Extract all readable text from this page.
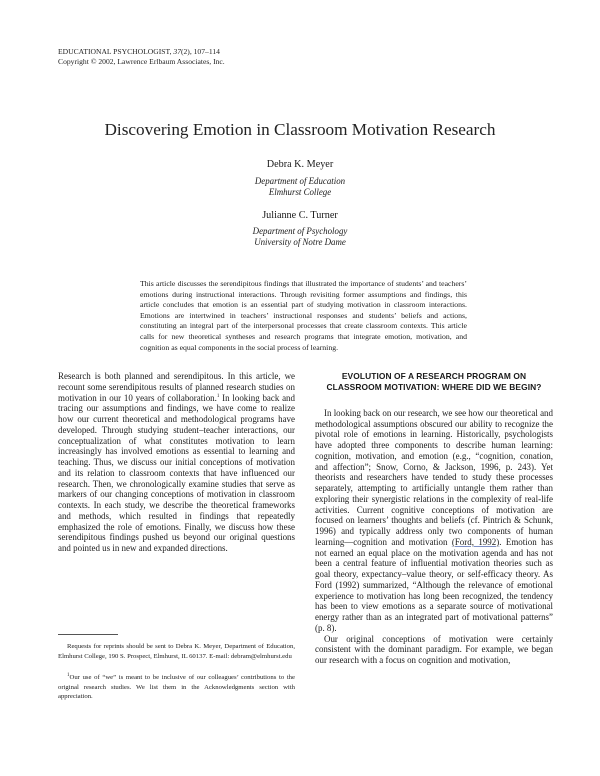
EDUCATIONAL PSYCHOLOGIST, 37(2), 107–114
Copyright © 2002, Lawrence Erlbaum Associates, Inc.
Discovering Emotion in Classroom Motivation Research
Debra K. Meyer
Department of Education
Elmhurst College
Julianne C. Turner
Department of Psychology
University of Notre Dame

This article discusses the serendipitous findings that illustrated the importance of students’ and teachers’ emotions during instructional interactions. Through revisiting former assumptions and findings, this article concludes that emotion is an essential part of studying motivation in classroom interactions. Emotions are intertwined in teachers’ instructional responses and students’ beliefs and actions, constituting an integral part of the interpersonal processes that create classroom contexts. This article calls for new theoretical syntheses and research programs that integrate emotion, motivation, and cognition as equal components in the social process of learning.

Research is both planned and serendipitous. In this article, we recount some serendipitous results of planned research studies on motivation in our 10 years of collaboration.$^1$ In looking back and tracing our assumptions and findings, we have come to realize how our current theoretical and methodological programs have developed. Through studying student–teacher interactions, our conceptualization of what constitutes motivation to learn increasingly has involved emotions as essential to learning and teaching. Thus, we discuss our initial conceptions of motivation and its relation to classroom contexts that have influenced our research. Then, we chronologically examine studies that serve as markers of our changing conceptions of motivation in classroom contexts. In each study, we describe the theoretical frameworks and methods, which resulted in findings that repeatedly emphasized the role of emotions. Finally, we discuss how these serendipitous findings pushed us beyond our original questions and pointed us in new and expanded directions.

Requests for reprints should be sent to Debra K. Meyer, Department of Education, Elmhurst College, 190 S. Prospect, Elmhurst, IL 60137. E-mail: debram@elmhurst.edu

$^1$Our use of “we” is meant to be inclusive of our colleagues’ contributions to the original research studies. We list them in the Acknowledgments section with appreciation.

EVOLUTION OF A RESEARCH PROGRAM ON CLASSROOM MOTIVATION: WHERE DID WE BEGIN?

In looking back on our research, we see how our theoretical and methodological assumptions obscured our ability to recognize the pivotal role of emotions in learning. Historically, psychologists have adopted three components to describe human learning: cognition, motivation, and emotion (e.g., “cognition, conation, and affection”; Snow, Corno, & Jackson, 1996, p. 243). Yet theorists and researchers have tended to study these processes separately, attempting to artificially untangle them rather than exploring their synergistic relations in the complexity of real-life activities. Current cognitive conceptions of motivation are focused on learners’ thoughts and beliefs (cf. Pintrich & Schunk, 1996) and typically address only two components of human learning—cognition and motivation (Ford, 1992). Emotion has not earned an equal place on the motivation agenda and has not been a central feature of influential motivation theories such as goal theory, expectancy–value theory, or self-efficacy theory. As Ford (1992) summarized, “Although the relevance of emotional experience to motivation has long been recognized, the tendency has been to view emotions as a separate source of motivational energy rather than as an integrated part of motivational patterns” (p. 8).

Our original conceptions of motivation were certainly consistent with the dominant paradigm. For example, we began our research with a focus on cognition and motivation,
